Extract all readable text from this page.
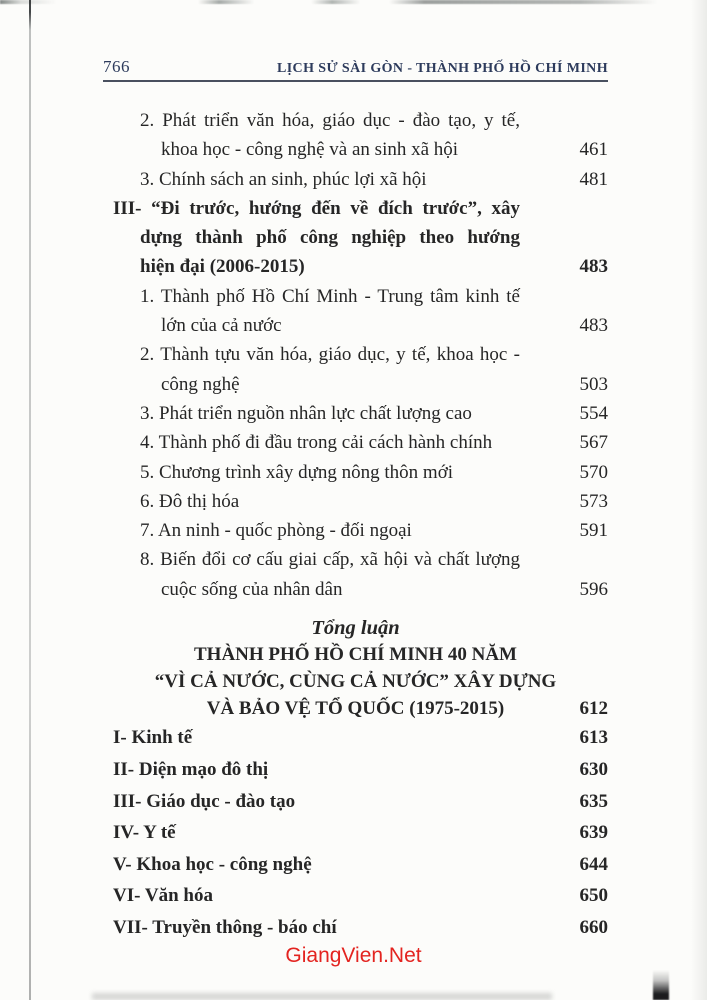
766	LỊCH SỬ SÀI GÒN - THÀNH PHỐ HỒ CHÍ MINH
2. Phát triển văn hóa, giáo dục - đào tạo, y tế,
khoa học - công nghệ và an sinh xã hội	461
3. Chính sách an sinh, phúc lợi xã hội	481
III- “Đi trước, hướng đến về đích trước”, xây
dựng thành phố công nghiệp theo hướng
hiện đại (2006-2015)	483
1. Thành phố Hồ Chí Minh - Trung tâm kinh tế
lớn của cả nước	483
2. Thành tựu văn hóa, giáo dục, y tế, khoa học -
công nghệ	503
3. Phát triển nguồn nhân lực chất lượng cao	554
4. Thành phố đi đầu trong cải cách hành chính	567
5. Chương trình xây dựng nông thôn mới	570
6. Đô thị hóa	573
7. An ninh - quốc phòng - đối ngoại	591
8. Biến đổi cơ cấu giai cấp, xã hội và chất lượng
cuộc sống của nhân dân	596
Tổng luận
THÀNH PHỐ HỒ CHÍ MINH 40 NĂM
“VÌ CẢ NƯỚC, CÙNG CẢ NƯỚC” XÂY DỰNG
VÀ BẢO VỆ TỔ QUỐC (1975-2015)	612
I- Kinh tế	613
II- Diện mạo đô thị	630
III- Giáo dục - đào tạo	635
IV- Y tế	639
V- Khoa học - công nghệ	644
VI- Văn hóa	650
VII- Truyền thông - báo chí	660
GiangVien.Net
